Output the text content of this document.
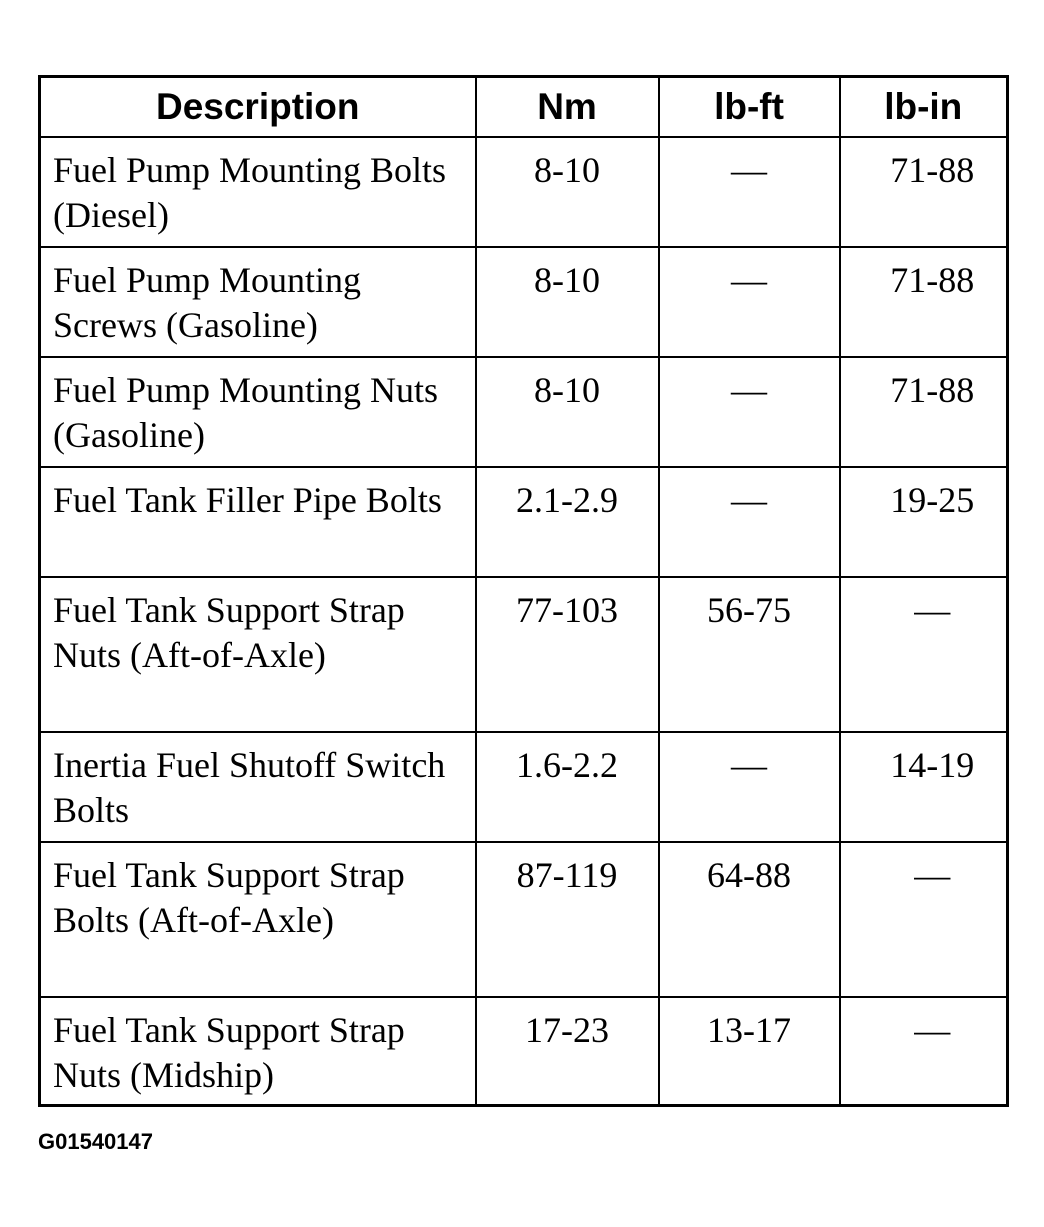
Description	Nm	lb-ft	lb-in
Fuel Pump Mounting Bolts (Diesel)	8-10	—	71-88
Fuel Pump Mounting Screws (Gasoline)	8-10	—	71-88
Fuel Pump Mounting Nuts (Gasoline)	8-10	—	71-88
Fuel Tank Filler Pipe Bolts	2.1-2.9	—	19-25
Fuel Tank Support Strap Nuts (Aft-of-Axle)	77-103	56-75	—
Inertia Fuel Shutoff Switch Bolts	1.6-2.2	—	14-19
Fuel Tank Support Strap Bolts (Aft-of-Axle)	87-119	64-88	—
Fuel Tank Support Strap Nuts (Midship)	17-23	13-17	—
G01540147
